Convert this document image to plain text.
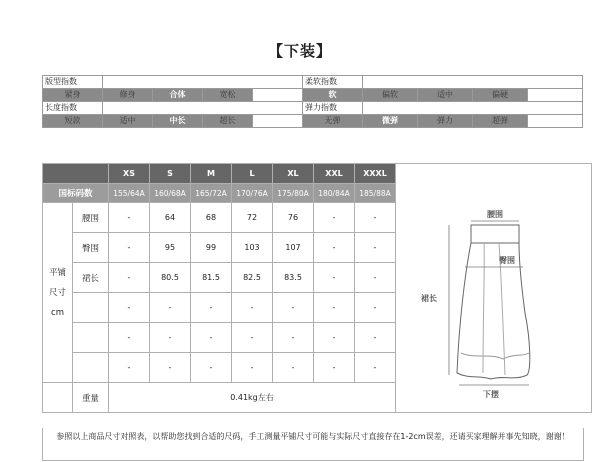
【下装】
版型指数					柔软指数				
紧身	修身	合体	宽松		软	偏软	适中	偏硬	
长度指数					弹力指数				
短款	适中	中长	超长		无弹	微弹	弹力	超弹	
		XS	S	M	L	XL	XXL	XXXL	尺码参照说明
腰围
臀围
裙长
下摆

国标码数		155/64A	160/68A	165/72A	170/76A	175/80A	180/84A	185/88A	

平铺
尺寸
cm	腰围	-	64	68	72	76	-	-	
	臀围	-	95	99	103	107	-	-	
	裙长	-	80.5	81.5	82.5	83.5	-	-	
		-	-	-	-	-	-	-	
		-	-	-	-	-	-	-	
		-	-	-	-	-	-	-	
	重量	0.41kg左右							
参照以上商品尺寸对照表，以帮助您找到合适的尺码，手工测量平铺尺寸可能与实际尺寸直接存在1-2cm误差，还请买家理解并事先知晓，谢谢！
